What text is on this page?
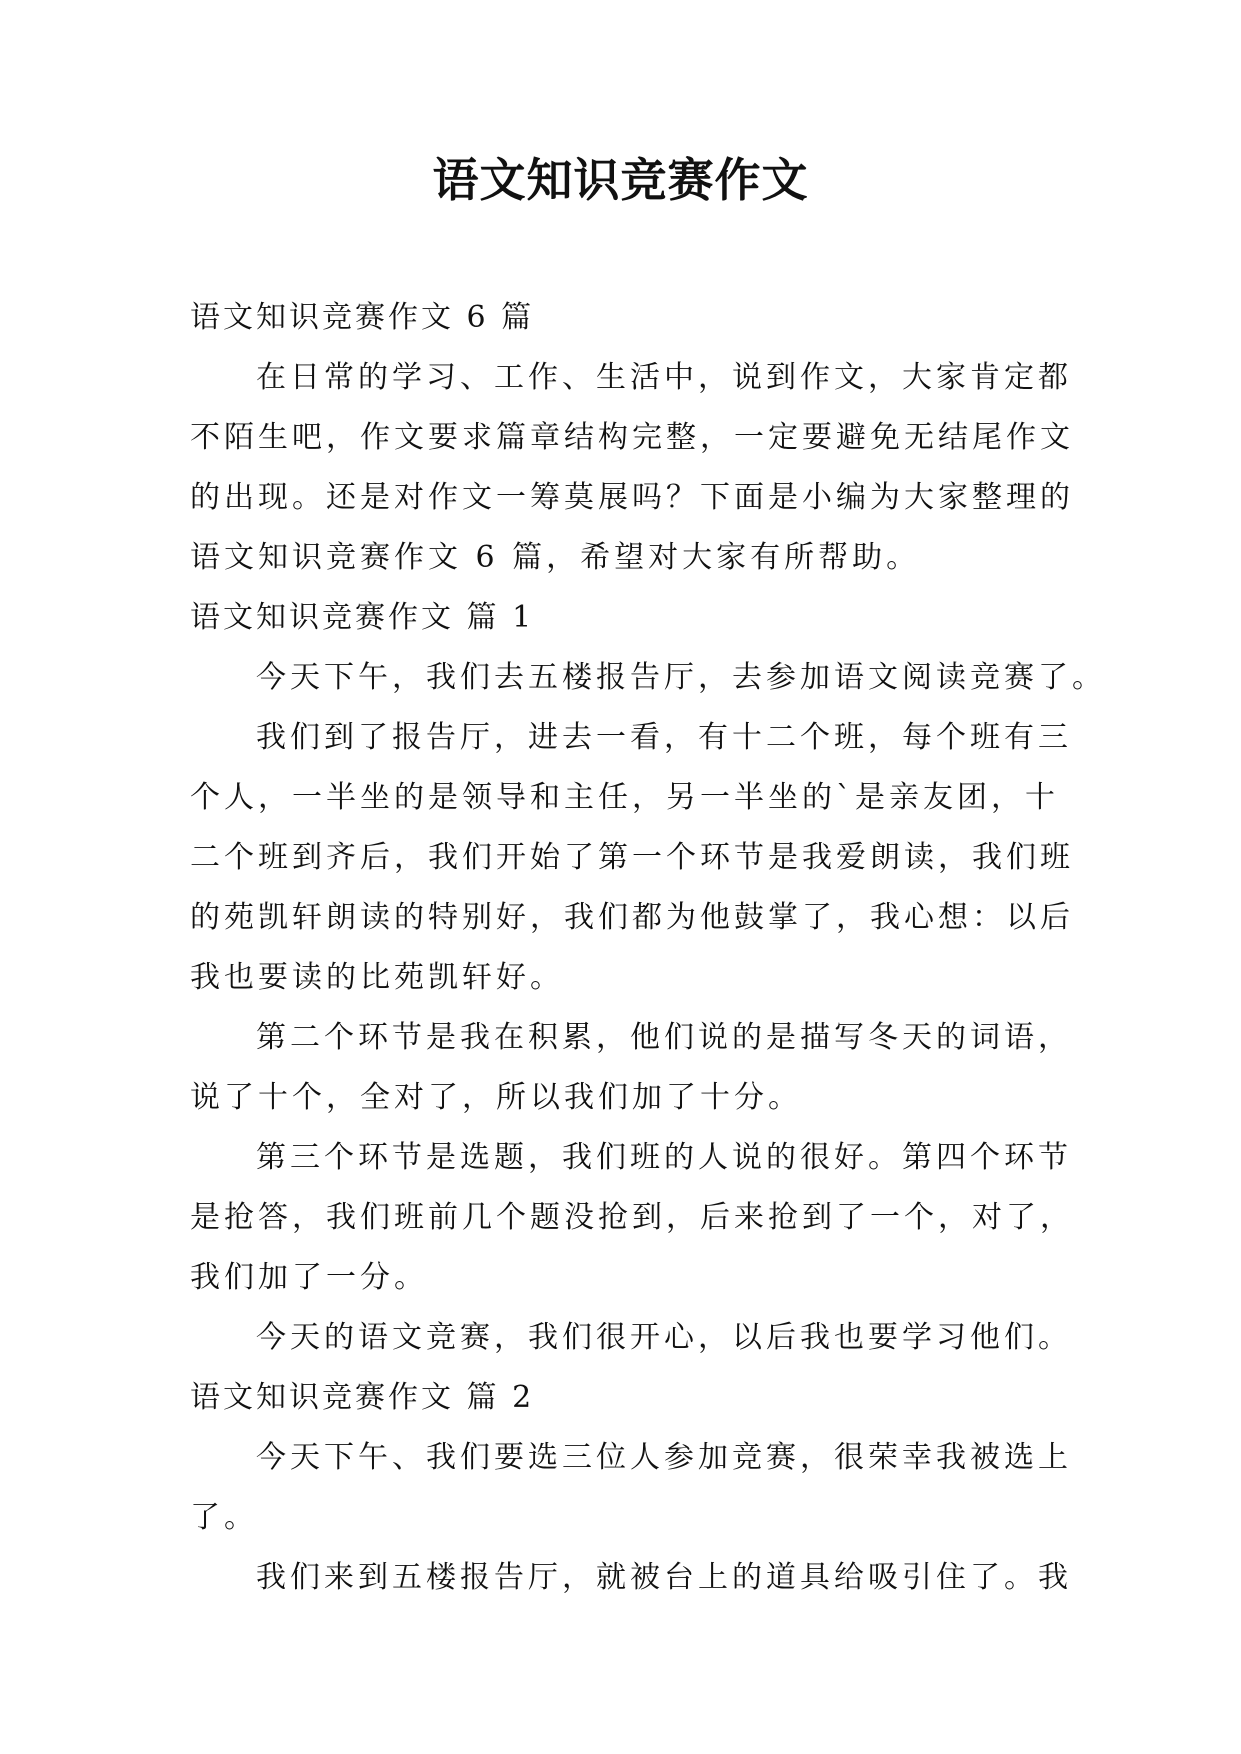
语文知识竞赛作文

语文知识竞赛作文 6 篇

在日常的学习、工作、生活中，说到作文，大家肯定都

不陌生吧，作文要求篇章结构完整，一定要避免无结尾作文

的出现。还是对作文一筹莫展吗？下面是小编为大家整理的

语文知识竞赛作文 6 篇，希望对大家有所帮助。

语文知识竞赛作文 篇 1

今天下午，我们去五楼报告厅，去参加语文阅读竞赛了。

我们到了报告厅，进去一看，有十二个班，每个班有三

个人，一半坐的是领导和主任，另一半坐的`是亲友团，十

二个班到齐后，我们开始了第一个环节是我爱朗读，我们班

的苑凯轩朗读的特别好，我们都为他鼓掌了，我心想：以后

我也要读的比苑凯轩好。

第二个环节是我在积累，他们说的是描写冬天的词语，

说了十个，全对了，所以我们加了十分。

第三个环节是选题，我们班的人说的很好。第四个环节

是抢答，我们班前几个题没抢到，后来抢到了一个，对了，

我们加了一分。

今天的语文竞赛，我们很开心，以后我也要学习他们。

语文知识竞赛作文 篇 2

今天下午、我们要选三位人参加竞赛，很荣幸我被选上

了。

我们来到五楼报告厅，就被台上的道具给吸引住了。我
